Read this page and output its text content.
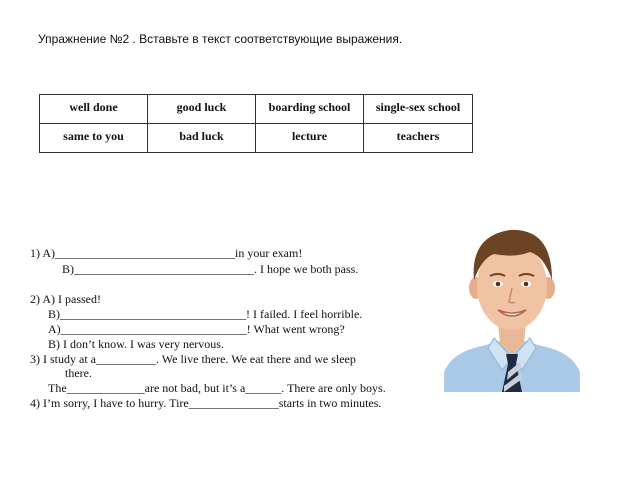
Упражнение №2 . Вставьте в текст соответствующие выражения.
well done	good luck	boarding school	single-sex school
same to you	bad luck	lecture	teachers
1) A)______________________________in your exam!
B)______________________________. I hope we both pass.
2) A) I passed!
B)_______________________________! I failed. I feel horrible.
A)_______________________________! What went wrong?
B) I don’t know. I was very nervous.
3) I study at a__________. We live there. We eat there and we sleep
there.
The_____________are not bad, but it’s a______. There are only boys.
4) I’m sorry, I have to hurry. Tire_______________starts in two minutes.
